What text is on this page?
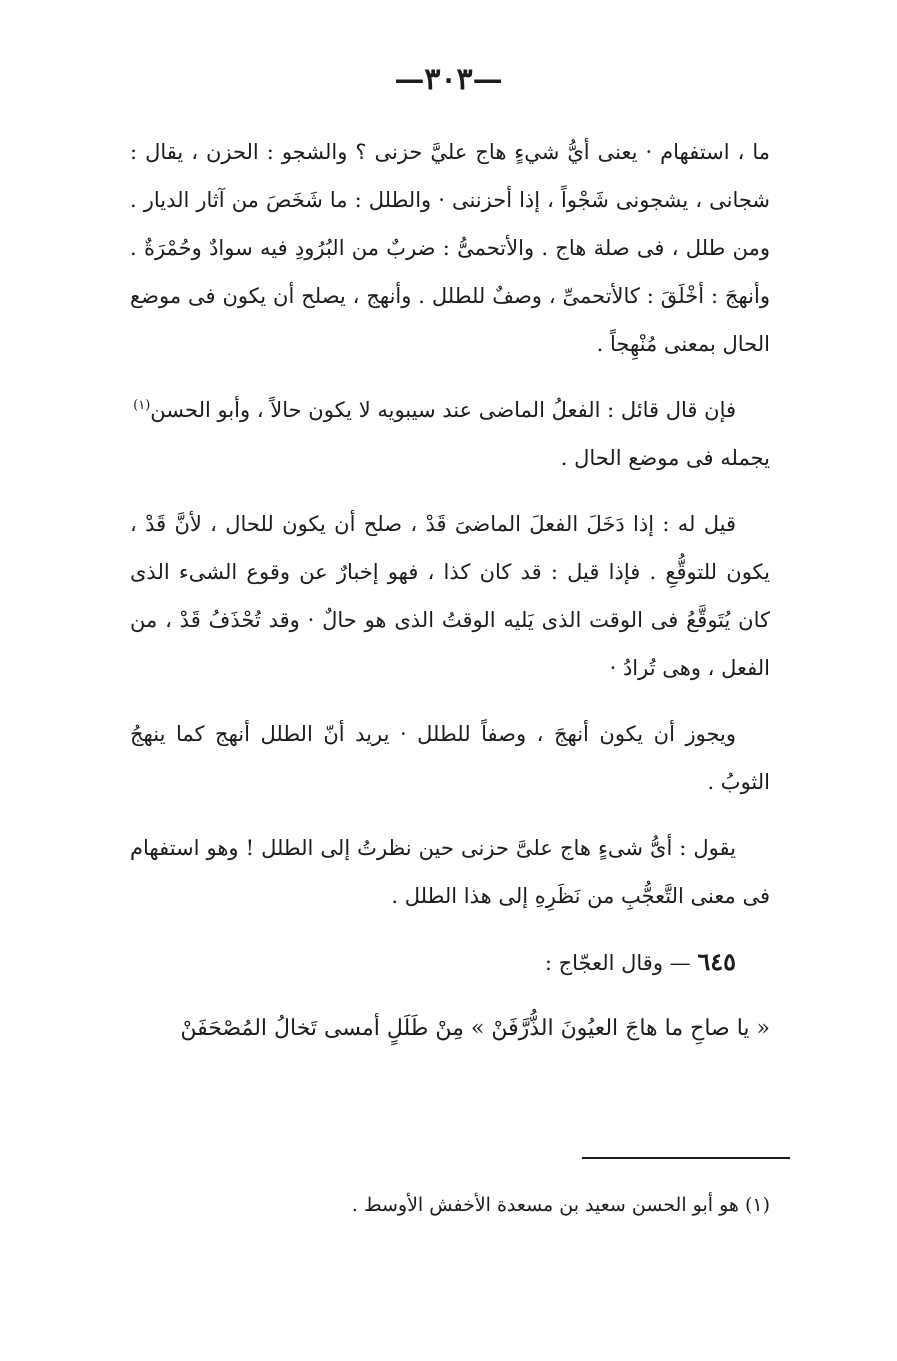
—٣٠٣—

ما ، استفهام · يعنى أيُّ شيءٍ هاج عليَّ حزنى ؟ والشجو : الحزن ، يقال : شجانى ، يشجونى شَجْواً ، إذا أحزننى · والطلل : ما شَخَصَ من آثار الديار . ومن طلل ، فى صلة هاج . والأتحمىُّ : ضربٌ من البُرُودِ فيه سوادٌ وحُمْرَةٌ . وأنهجَ : أخْلَقَ : كالأتحمىِّ ، وصفٌ للطلل . وأنهج ، يصلح أن يكون فى موضع الحال بمعنى مُنْهِجاً .

فإن قال قائل : الفعلُ الماضى عند سيبويه لا يكون حالاً ، وأبو الحسن$^{(١)}$

يجمله فى موضع الحال .

قيل له : إذا دَخَلَ الفعلَ الماضىَ قَدْ ، صلح أن يكون للحال ، لأنَّ قَدْ ، يكون للتوقُّعِ . فإذا قيل : قد كان كذا ، فهو إخبارٌ عن وقوع الشىء الذى كان يُتَوقَّعُ فى الوقت الذى يَليه الوقتُ الذى هو حالٌ · وقد تُحْذَفُ قَدْ ، من الفعل ، وهى تُرادُ ·

ويجوز أن يكون أنهجَ ، وصفاً للطلل · يريد أنّ الطلل أنهج كما ينهجُ الثوبُ .

يقول : أىُّ شىءٍ هاج علىَّ حزنى حين نظرتُ إلى الطلل ! وهو استفهام فى معنى التَّعجُّبِ من نَظَرِهِ إلى هذا الطلل .

٦٤٥ — وقال العجّاج :

« يا صاحِ ما هاجَ العيُونَ الذُّرَّفَنْ » مِنْ طَلَلٍ أمسى تَخالُ المُصْحَفَنْ

(١) هو أبو الحسن سعيد بن مسعدة الأخفش الأوسط .
